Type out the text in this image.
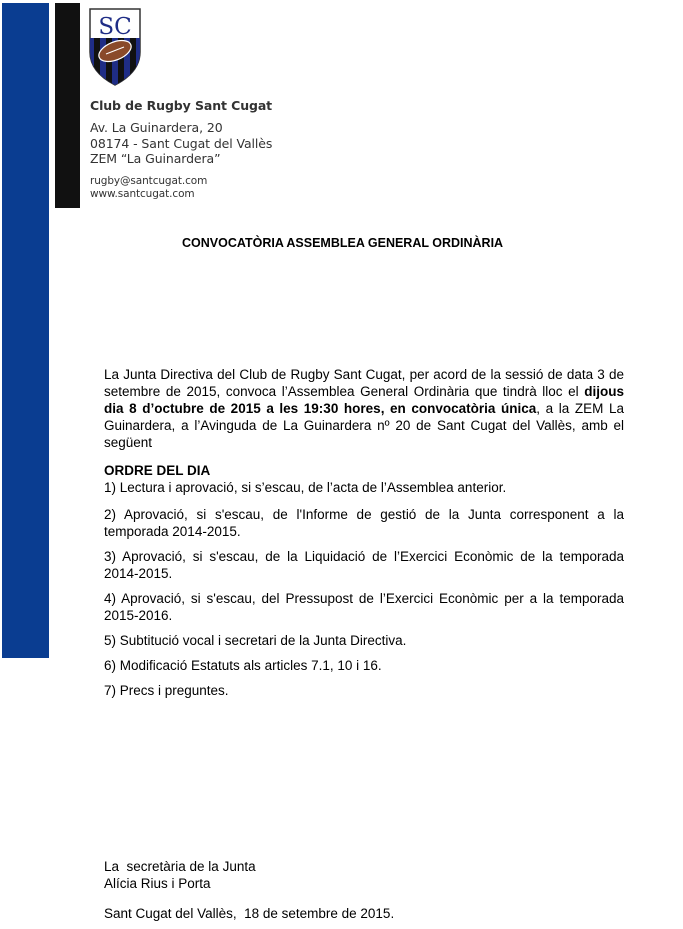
SC
Club de Rugby Sant Cugat
Av. La Guinardera, 20
08174 - Sant Cugat del Vallès
ZEM “La Guinardera”
rugby@santcugat.com
www.santcugat.com
CONVOCATÒRIA ASSEMBLEA GENERAL ORDINÀRIA

La Junta Directiva del Club de Rugby Sant Cugat, per acord de la sessió de data 3 de setembre de 2015, convoca l’Assemblea General Ordinària que tindrà lloc el dijous dia 8 d’octubre de 2015 a les 19:30 hores, en convocatòria única, a la ZEM La Guinardera, a l’Avinguda de La Guinardera nº 20 de Sant Cugat del Vallès, amb el següent

ORDRE DEL DIA
1) Lectura i aprovació, si s’escau, de l’acta de l’Assemblea anterior.
2) Aprovació, si s'escau, de l'Informe de gestió de la Junta corresponent a la temporada 2014-2015.
3) Aprovació, si s'escau, de la Liquidació de l’Exercici Econòmic de la temporada 2014-2015.
4) Aprovació, si s'escau, del Pressupost de l’Exercici Econòmic per a la temporada 2015-2016.
5) Subtitució vocal i secretari de la Junta Directiva.
6) Modificació Estatuts als articles 7.1, 10 i 16.
7) Precs i preguntes.
La  secretària de la Junta
Alícia Rius i Porta
Sant Cugat del Vallès,  18 de setembre de 2015.
